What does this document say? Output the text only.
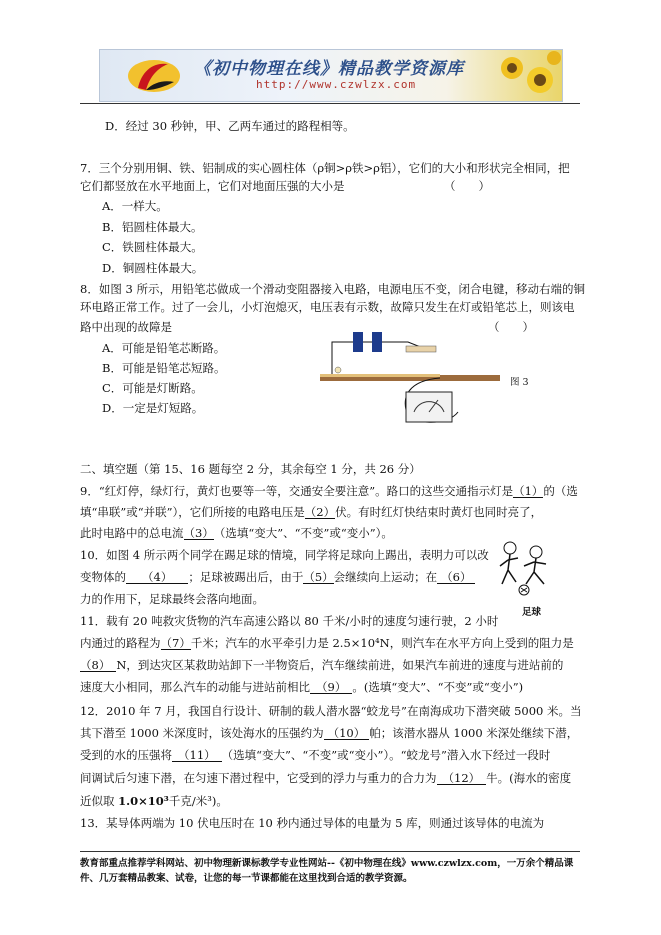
《初中物理在线》精品教学资源库
http://www.czwlzx.com
D．经过 30 秒钟，甲、乙两车通过的路程相等。
7．三个分别用铜、铁、铝制成的实心圆柱体（ρ铜>ρ铁>ρ铝），它们的大小和形状完全相同，把
它们都竖放在水平地面上，它们对地面压强的大小是	（　　）
A．一样大。
B．铝圆柱体最大。
C．铁圆柱体最大。
D．铜圆柱体最大。
8．如图 3 所示，用铅笔芯做成一个滑动变阻器接入电路，电源电压不变，闭合电键，移动右端的铜
环电路正常工作。过了一会儿，小灯泡熄灭，电压表有示数，故障只发生在灯或铅笔芯上，则该电
路中出现的故障是	（　　）
A．可能是铅笔芯断路。
B．可能是铅笔芯短路。
C．可能是灯断路。
D．一定是灯短路。
图 3
二、填空题（第 15、16 题每空 2 分，其余每空 1 分，共 26 分）
9．“红灯停，绿灯行，黄灯也要等一等，交通安全要注意”。路口的这些交通指示灯是（1）的（选
填“串联”或“并联”），它们所接的电路电压是（2）伏。有时红灯快结束时黄灯也同时亮了，
此时电路中的总电流（3）（选填“变大”、“不变”或“变小”）。
10．如图 4 所示两个同学在踢足球的情境，同学将足球向上踢出，表明力可以改
变物体的 （4） ；足球被踢出后，由于（5）会继续向上运动；在 （6）
力的作用下，足球最终会落向地面。
足球
11．载有 20 吨救灾货物的汽车高速公路以 80 千米/小时的速度匀速行驶，2 小时
内通过的路程为（7）千米；汽车的水平牵引力是 2.5×10⁴N，则汽车在水平方向上受到的阻力是
（8） N，到达灾区某救助站卸下一半物资后，汽车继续前进，如果汽车前进的速度与进站前的
速度大小相同，那么汽车的动能与进站前相比 （9） 。(选填“变大”、“不变”或“变小”)
12．2010 年 7 月，我国自行设计、研制的载人潜水器“蛟龙号”在南海成功下潜突破 5000 米。当
其下潜至 1000 米深度时，该处海水的压强约为 （10） 帕；该潜水器从 1000 米深处继续下潜，
受到的水的压强将 （11） （选填“变大”、“不变”或“变小”）。“蛟龙号”潜入水下经过一段时
间调试后匀速下潜，在匀速下潜过程中，它受到的浮力与重力的合力为 （12） 牛。(海水的密度
近似取 1.0×10³千克/米³)。
13．某导体两端为 10 伏电压时在 10 秒内通过导体的电量为 5 库，则通过该导体的电流为
教育部重点推荐学科网站、初中物理新课标教学专业性网站--《初中物理在线》www.czwlzx.com，一万余个精品课
件、几万套精品教案、试卷，让您的每一节课都能在这里找到合适的教学资源。
